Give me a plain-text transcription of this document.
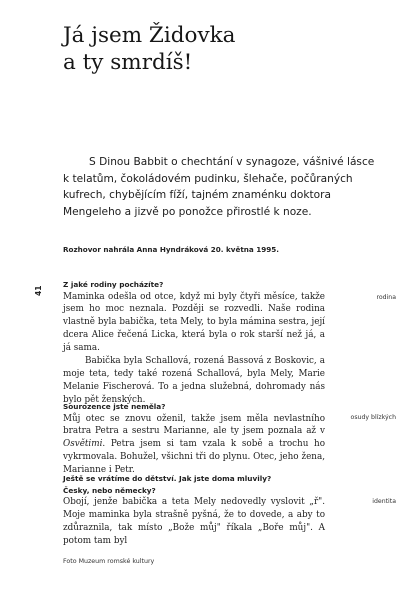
Já jsem Židovka
a ty smrdíš!

S Dinou Babbit o chechtání v synagoze, vášnivé lásce k telatům, čokoládovém pudinku, šlehače, počůraných kufrech, chybějícím fíží, tajném znaménku doktora Mengeleho a jizvě po ponožce přirostlé k noze.

Rozhovor nahrála Anna Hyndráková 20. května 1995.

41

Z jaké rodiny pocházíte?

Maminka odešla od otce, když mi byly čtyři měsíce, takže jsem ho moc neznala. Později se rozvedli. Naše rodina vlastně byla babička, teta Mely, to byla mámina sestra, její dcera Alice řečená Licka, která byla o rok starší než já, a já sama.

Babička byla Schallová, rozená Bassová z Boskovic, a moje teta, tedy také rozená Schallová, byla Mely, Marie Melanie Fischerová. To a jedna služebná, dohromady nás bylo pět ženských.

rodina

Sourozence jste neměla?

Můj otec se znovu oženil, takže jsem měla nevlastního bratra Petra a sestru Marianne, ale ty jsem poznala až v Osvětimi. Petra jsem si tam vzala k sobě a trochu ho vykrmovala. Bohužel, všichni tři do plynu. Otec, jeho žena, Marianne i Petr.

osudy blízkých

Ještě se vrátíme do dětství. Jak jste doma mluvily?

Česky, nebo německy?

Obojí, jenže babička a teta Mely nedovedly vyslovit „ř". Moje maminka byla strašně pyšná, že to dovede, a aby to zdůraznila, tak místo „Bože můj" říkala „Boře můj". A potom tam byl

identita
Foto Muzeum romské kultury
